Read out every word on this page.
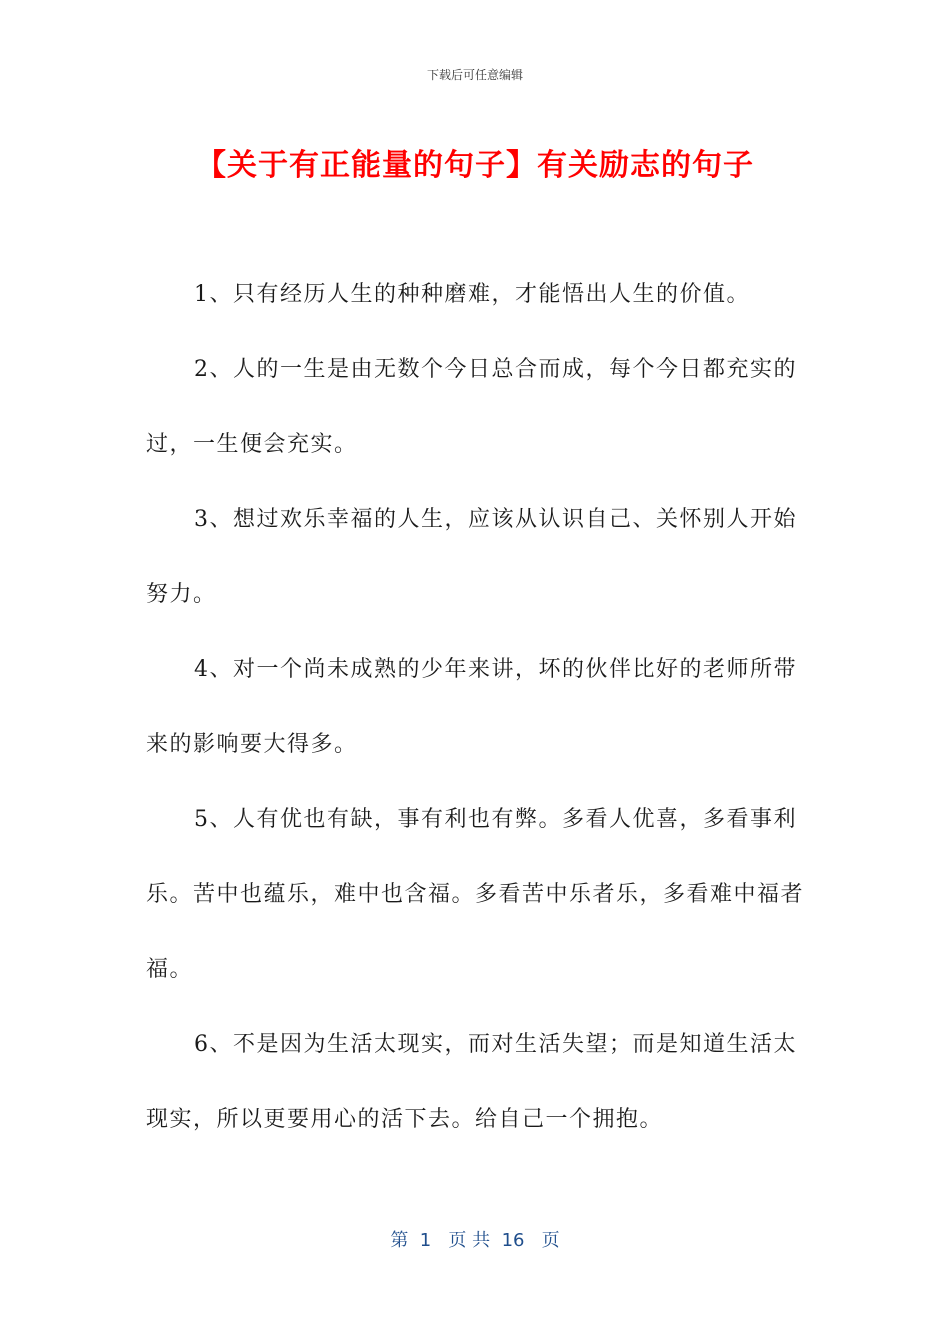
下载后可任意编辑
【关于有正能量的句子】有关励志的句子

1、只有经历人生的种种磨难，才能悟出人生的价值。

2、人的一生是由无数个今日总合而成，每个今日都充实的过，一生便会充实。

3、想过欢乐幸福的人生，应该从认识自己、关怀别人开始努力。

4、对一个尚未成熟的少年来讲，坏的伙伴比好的老师所带来的影响要大得多。

5、人有优也有缺，事有利也有弊。多看人优喜，多看事利乐。苦中也蕴乐，难中也含福。多看苦中乐者乐，多看难中福者福。

6、不是因为生活太现实，而对生活失望；而是知道生活太现实，所以更要用心的活下去。给自己一个拥抱。

第  1   页 共  16   页
